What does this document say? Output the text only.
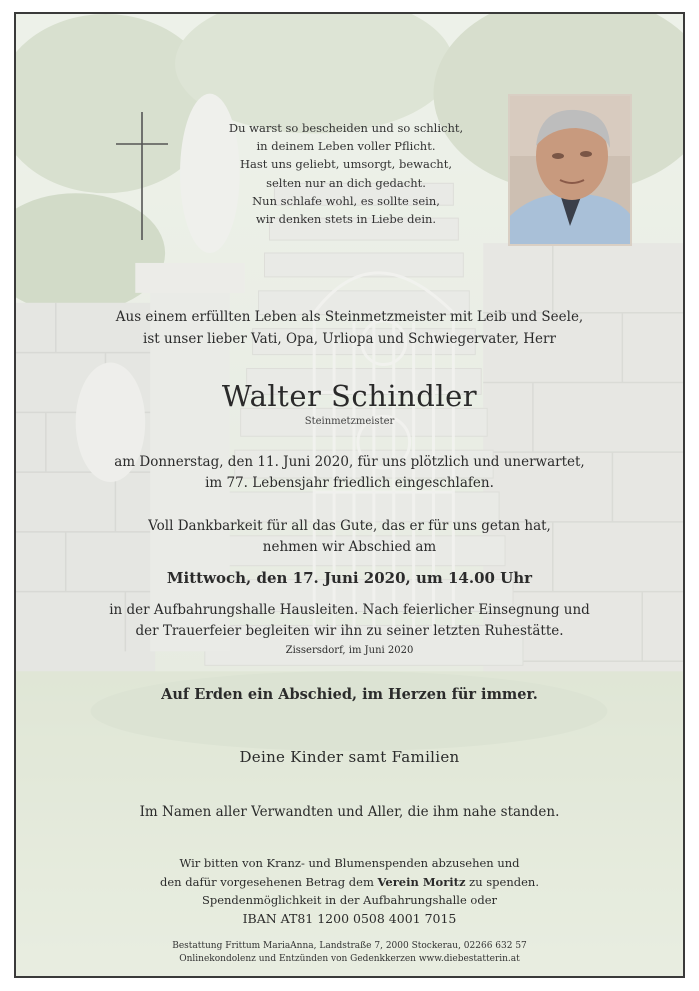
Du warst so bescheiden und so schlicht,
in deinem Leben voller Pflicht.
Hast uns geliebt, umsorgt, bewacht,
selten nur an dich gedacht.
Nun schlafe wohl, es sollte sein,
wir denken stets in Liebe dein.
Aus einem erfüllten Leben als Steinmetzmeister mit Leib und Seele,
ist unser lieber Vati, Opa, Urliopa und Schwiegervater, Herr
Walter Schindler
Steinmetzmeister
am Donnerstag, den 11. Juni 2020, für uns plötzlich und unerwartet,
im 77. Lebensjahr friedlich eingeschlafen.
Voll Dankbarkeit für all das Gute, das er für uns getan hat,
nehmen wir Abschied am
Mittwoch, den 17. Juni 2020, um 14.00 Uhr
in der Aufbahrungshalle Hausleiten. Nach feierlicher Einsegnung und
der Trauerfeier begleiten wir ihn zu seiner letzten Ruhestätte.
Zissersdorf, im Juni 2020
Auf Erden ein Abschied, im Herzen für immer.
Deine Kinder samt Familien
Im Namen aller Verwandten und Aller, die ihm nahe standen.
Wir bitten von Kranz- und Blumenspenden abzusehen und
den dafür vorgesehenen Betrag dem Verein Moritz zu spenden.
Spendenmöglichkeit in der Aufbahrungshalle oder
IBAN AT81 1200 0508 4001 7015
Bestattung Frittum MariaAnna, Landstraße 7, 2000 Stockerau, 02266 632 57
Onlinekondolenz und Entzünden von Gedenkkerzen www.diebestatterin.at
